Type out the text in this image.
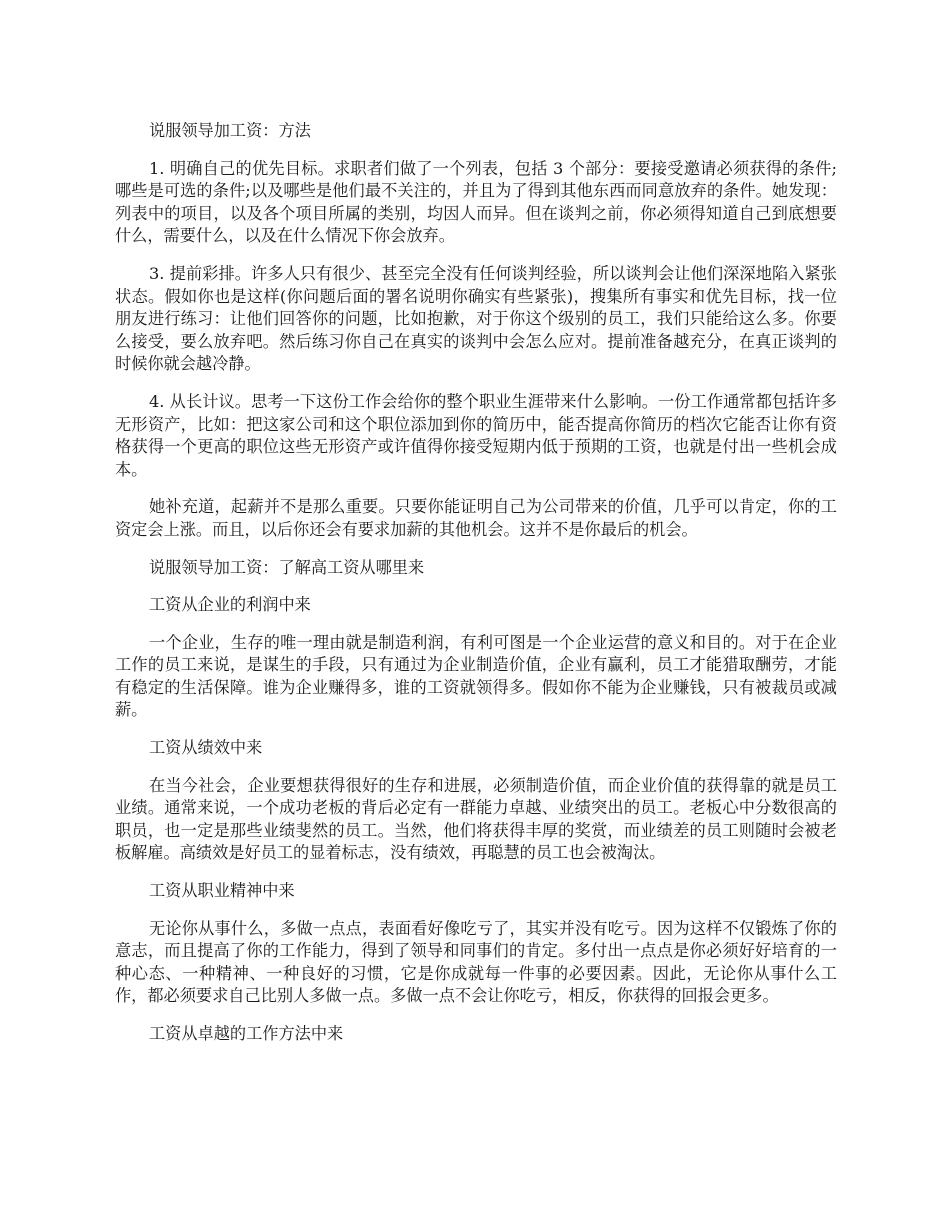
说服领导加工资：方法

1. 明确自己的优先目标。求职者们做了一个列表，包括 3 个部分：要接受邀请必须获得的条件;哪些是可选的条件;以及哪些是他们最不关注的，并且为了得到其他东西而同意放弃的条件。她发现：列表中的项目，以及各个项目所属的类别，均因人而异。但在谈判之前，你必须得知道自己到底想要什么，需要什么，以及在什么情况下你会放弃。

3. 提前彩排。许多人只有很少、甚至完全没有任何谈判经验，所以谈判会让他们深深地陷入紧张状态。假如你也是这样(你问题后面的署名说明你确实有些紧张)，搜集所有事实和优先目标，找一位朋友进行练习：让他们回答你的问题，比如抱歉，对于你这个级别的员工，我们只能给这么多。你要么接受，要么放弃吧。然后练习你自己在真实的谈判中会怎么应对。提前准备越充分，在真正谈判的时候你就会越冷静。

4. 从长计议。思考一下这份工作会给你的整个职业生涯带来什么影响。一份工作通常都包括许多无形资产，比如：把这家公司和这个职位添加到你的简历中，能否提高你简历的档次它能否让你有资格获得一个更高的职位这些无形资产或许值得你接受短期内低于预期的工资，也就是付出一些机会成本。

她补充道，起薪并不是那么重要。只要你能证明自己为公司带来的价值，几乎可以肯定，你的工资定会上涨。而且，以后你还会有要求加薪的其他机会。这并不是你最后的机会。

说服领导加工资：了解高工资从哪里来

工资从企业的利润中来

一个企业，生存的唯一理由就是制造利润，有利可图是一个企业运营的意义和目的。对于在企业工作的员工来说，是谋生的手段，只有通过为企业制造价值，企业有赢利，员工才能猎取酬劳，才能有稳定的生活保障。谁为企业赚得多，谁的工资就领得多。假如你不能为企业赚钱，只有被裁员或减薪。

工资从绩效中来

在当今社会，企业要想获得很好的生存和进展，必须制造价值，而企业价值的获得靠的就是员工业绩。通常来说，一个成功老板的背后必定有一群能力卓越、业绩突出的员工。老板心中分数很高的职员，也一定是那些业绩斐然的员工。当然，他们将获得丰厚的奖赏，而业绩差的员工则随时会被老板解雇。高绩效是好员工的显着标志，没有绩效，再聪慧的员工也会被淘汰。

工资从职业精神中来

无论你从事什么，多做一点点，表面看好像吃亏了，其实并没有吃亏。因为这样不仅锻炼了你的意志，而且提高了你的工作能力，得到了领导和同事们的肯定。多付出一点点是你必须好好培育的一种心态、一种精神、一种良好的习惯，它是你成就每一件事的必要因素。因此，无论你从事什么工作，都必须要求自己比别人多做一点。多做一点不会让你吃亏，相反，你获得的回报会更多。

工资从卓越的工作方法中来
